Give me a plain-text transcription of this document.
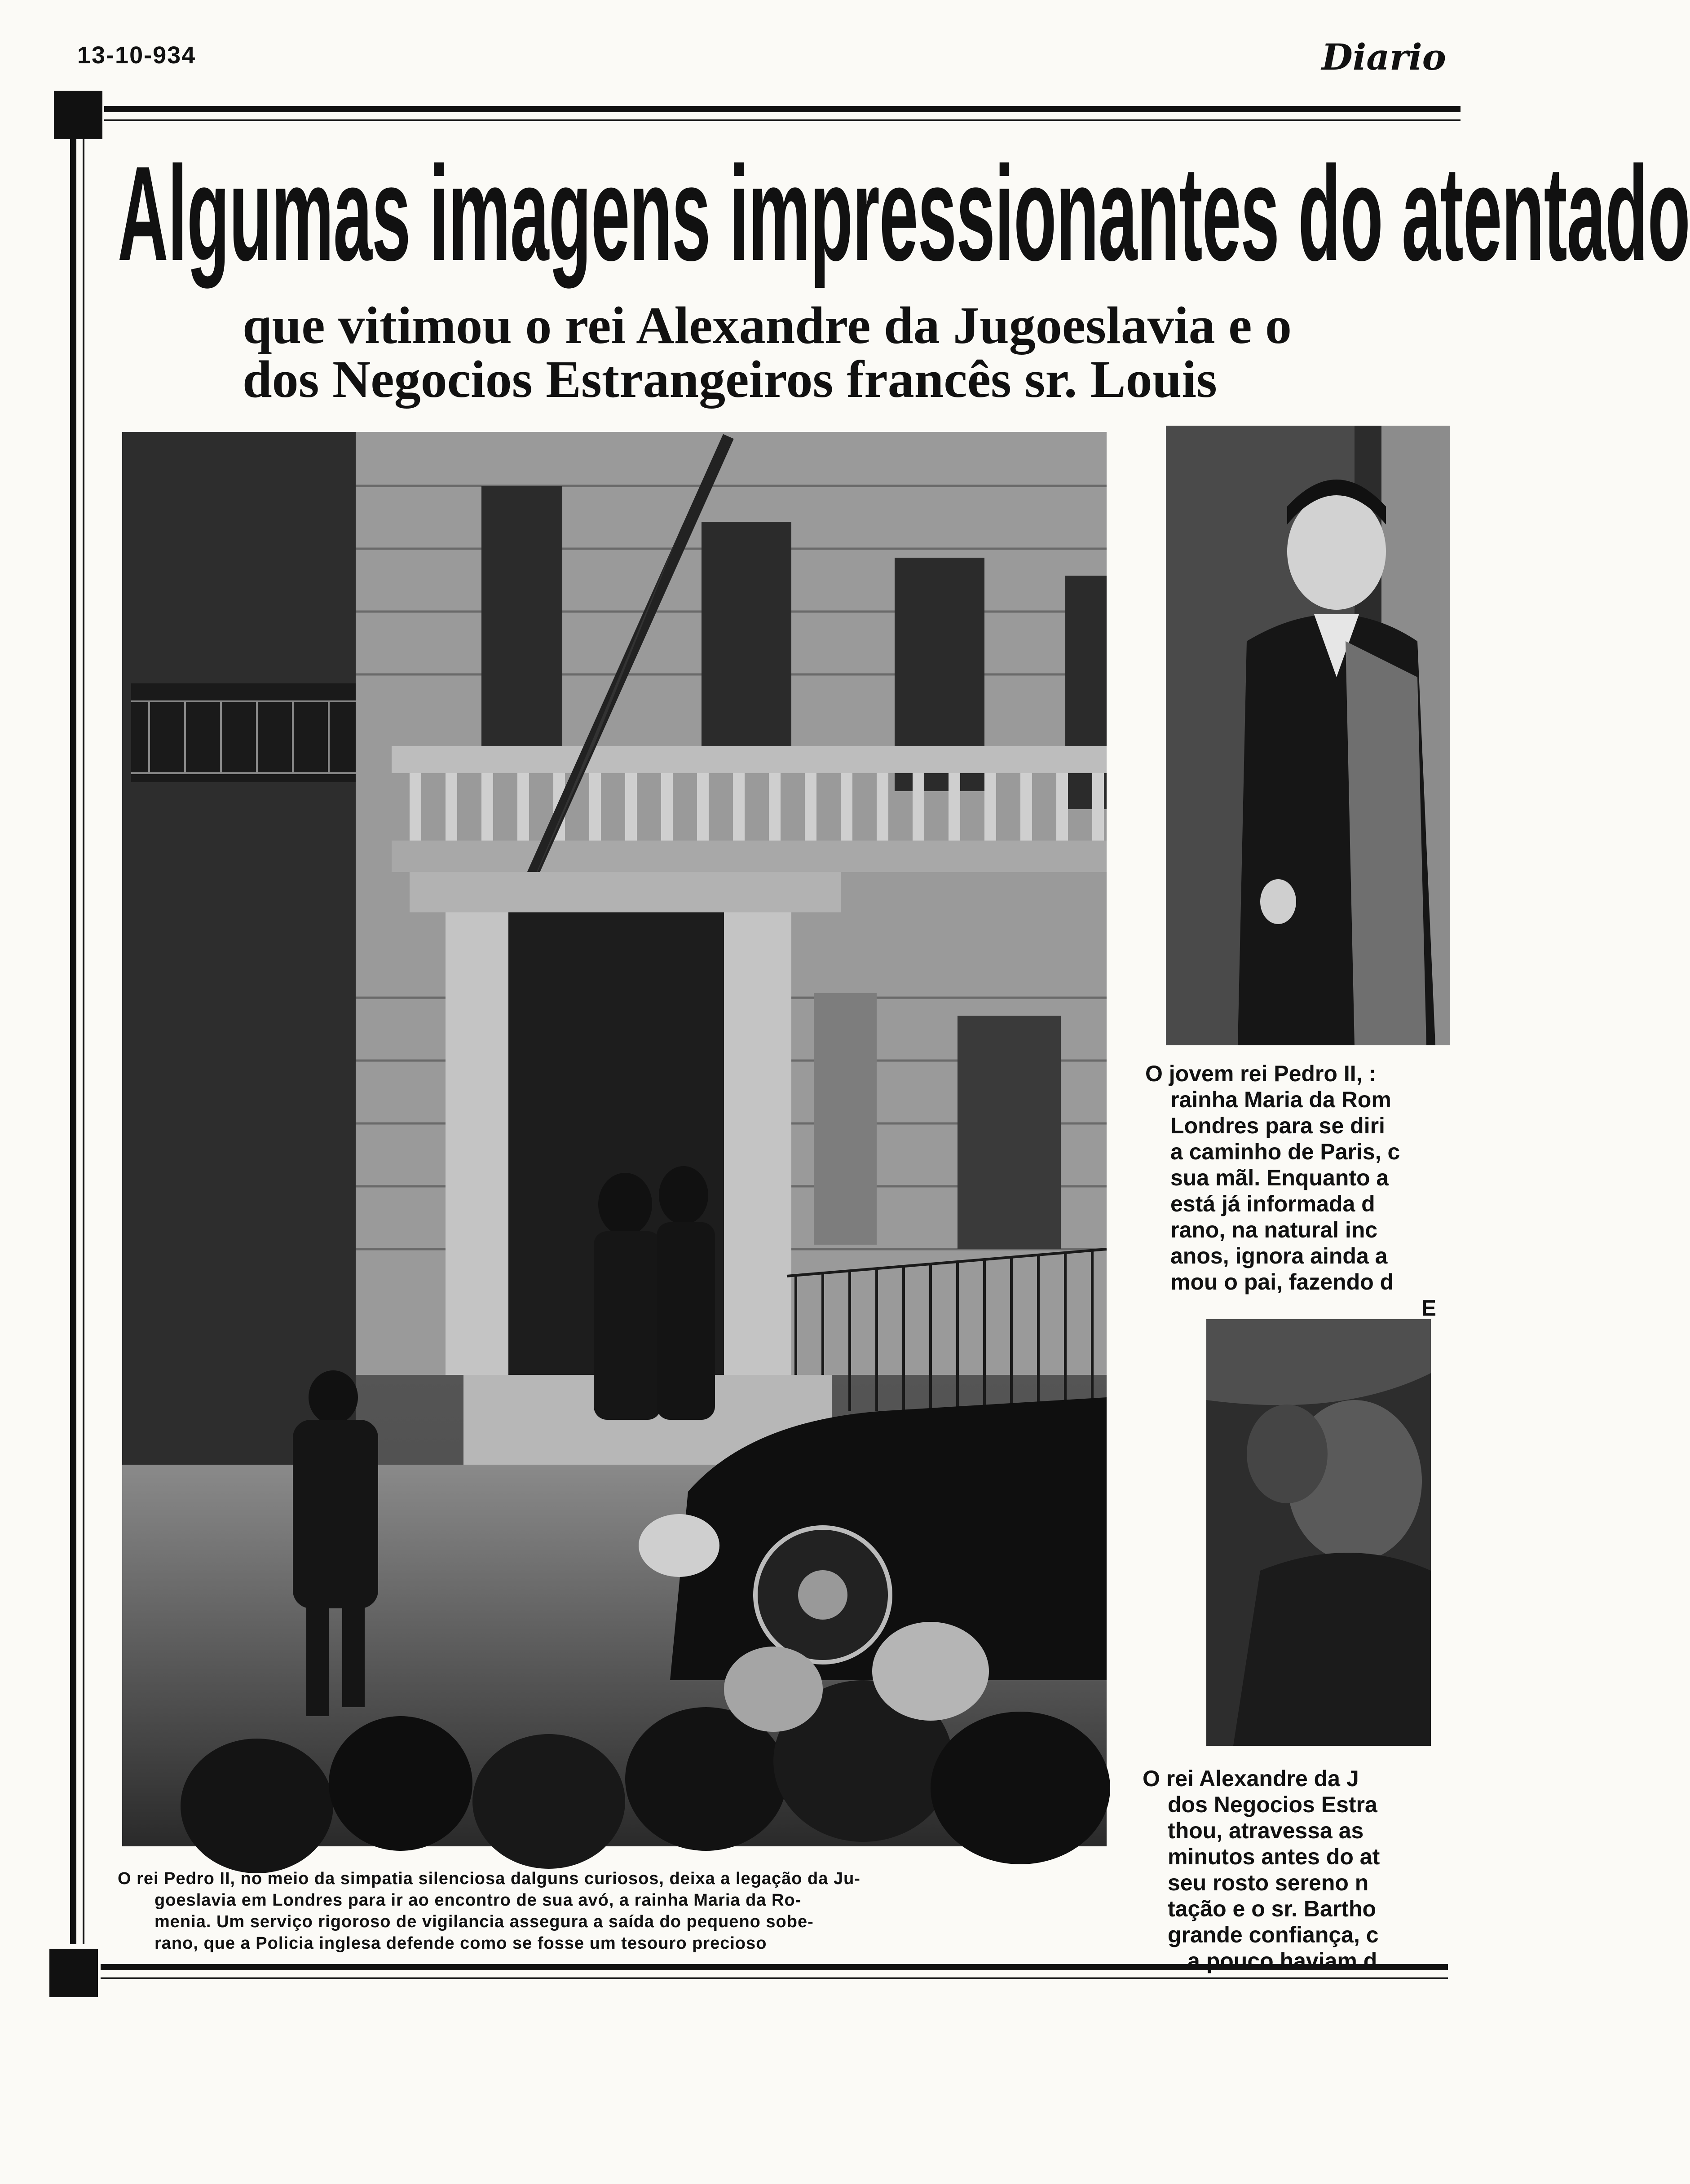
13-10-934	Diario
Algumas imagens impressionantes do atentado
que vitimou o rei Alexandre da Jugoeslavia e o
dos Negocios Estrangeiros francês sr. Louis
O rei Pedro II, no meio da simpatia silenciosa dalguns curiosos, deixa a legação da Ju-
goeslavia em Londres para ir ao encontro de sua avó, a rainha Maria da Ro-
menia. Um serviço rigoroso de vigilancia assegura a saída do pequeno sobe-
rano, que a Policia inglesa defende como se fosse um tesouro precioso
O jovem rei Pedro II, :
rainha Maria da Rom
Londres para se diri
a caminho de Paris, c
sua mãl. Enquanto a
está já informada d
rano, na natural inc
anos, ignora ainda a
mou o pai, fazendo d
E
O rei Alexandre da J
dos Negocios Estra
thou, atravessa as
minutos antes do at
seu rosto sereno n
tação e o sr. Bartho
grande confiança, c
a pouco haviam d
